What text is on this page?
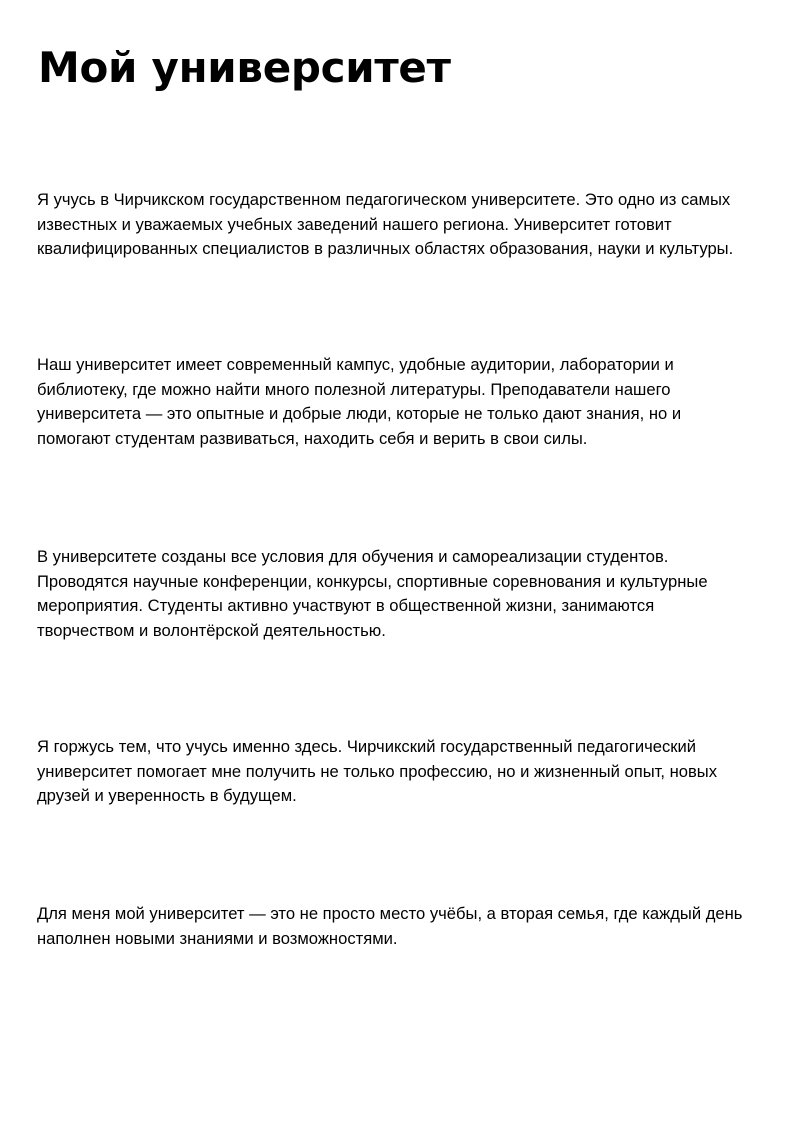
Мой университет

Я учусь в Чирчикском государственном педагогическом университете. Это одно из самых
известных и уважаемых учебных заведений нашего региона. Университет готовит
квалифицированных специалистов в различных областях образования, науки и культуры.

Наш университет имеет современный кампус, удобные аудитории, лаборатории и
библиотеку, где можно найти много полезной литературы. Преподаватели нашего
университета — это опытные и добрые люди, которые не только дают знания, но и
помогают студентам развиваться, находить себя и верить в свои силы.

В университете созданы все условия для обучения и самореализации студентов.
Проводятся научные конференции, конкурсы, спортивные соревнования и культурные
мероприятия. Студенты активно участвуют в общественной жизни, занимаются
творчеством и волонтёрской деятельностью.

Я горжусь тем, что учусь именно здесь. Чирчикский государственный педагогический
университет помогает мне получить не только профессию, но и жизненный опыт, новых
друзей и уверенность в будущем.

Для меня мой университет — это не просто место учёбы, а вторая семья, где каждый день
наполнен новыми знаниями и возможностями.
